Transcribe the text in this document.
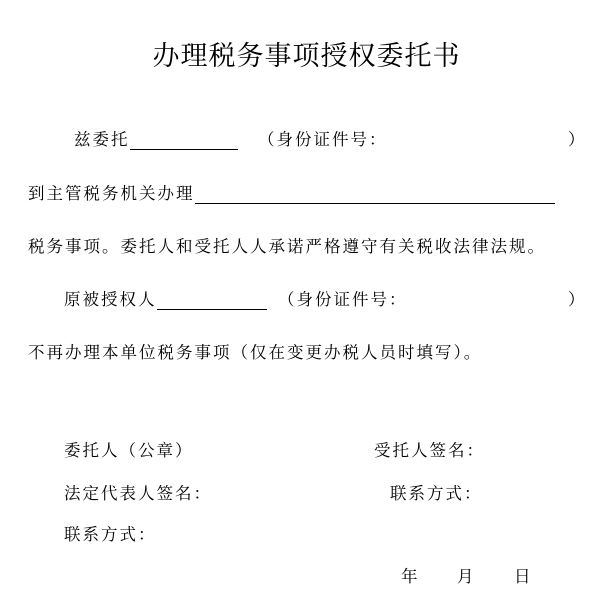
办理税务事项授权委托书
兹委托	（身份证件号：	）
到主管税务机关办理
税务事项。委托人和受托人人承诺严格遵守有关税收法律法规。
原被授权人	（身份证件号：	）
不再办理本单位税务事项（仅在变更办税人员时填写）。
委托人（公章）	受托人签名：
法定代表人签名：	联系方式：
联系方式：
年 月 日
